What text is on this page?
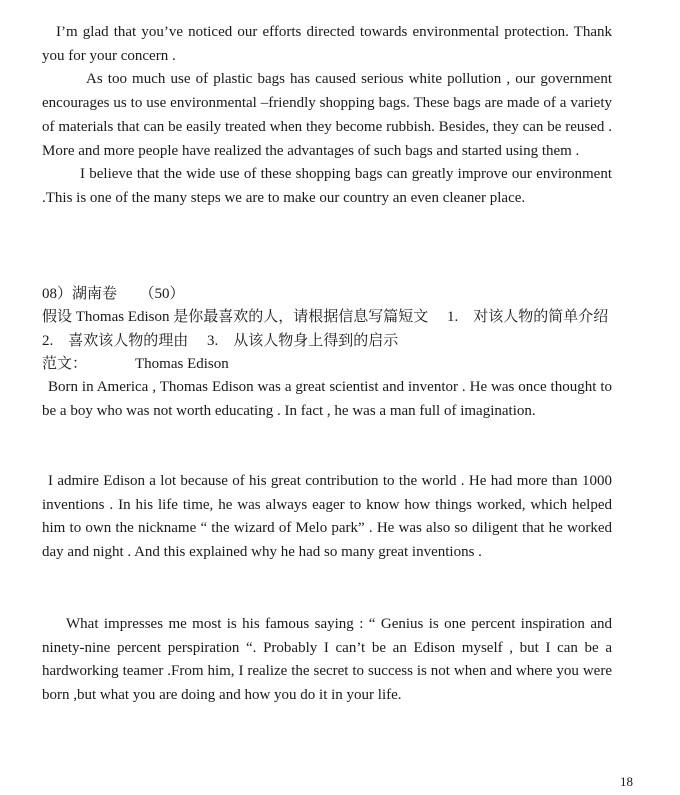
I’m glad that you’ve noticed our efforts directed towards environmental protection. Thank you for your concern .

As too much use of plastic bags has caused serious white pollution , our government encourages us to use environmental –friendly shopping bags. These bags are made of a variety of materials that can be easily treated when they become rubbish. Besides, they can be reused . More and more people have realized the advantages of such bags and started using them .

I believe that the wide use of these shopping bags can greatly improve our environment .This is one of the many steps we are to make our country an even cleaner place.

08）湖南卷　　（50）

假设 Thomas Edison 是你最喜欢的人，请根据信息写篇短文　 1.　对该人物的简单介绍　 2.　喜欢该人物的理由　 3.　从该人物身上得到的启示

范文：	Thomas Edison

Born in America , Thomas Edison was a great scientist and inventor . He was once thought to be a boy who was not worth educating . In fact , he was a man full of imagination.

I admire Edison a lot because of his great contribution to the world . He had more than 1000 inventions . In his life time, he was always eager to know how things worked, which helped him to own the nickname “ the wizard of Melo park” . He was also so diligent that he worked day and night . And this explained why he had so many great inventions .

What impresses me most is his famous saying : “ Genius is one percent inspiration and ninety-nine percent perspiration “. Probably I can’t be an Edison myself , but I can be a hardworking teamer .From him, I realize the secret to success is not when and where you were born ,but what you are doing and how you do it in your life.

18
